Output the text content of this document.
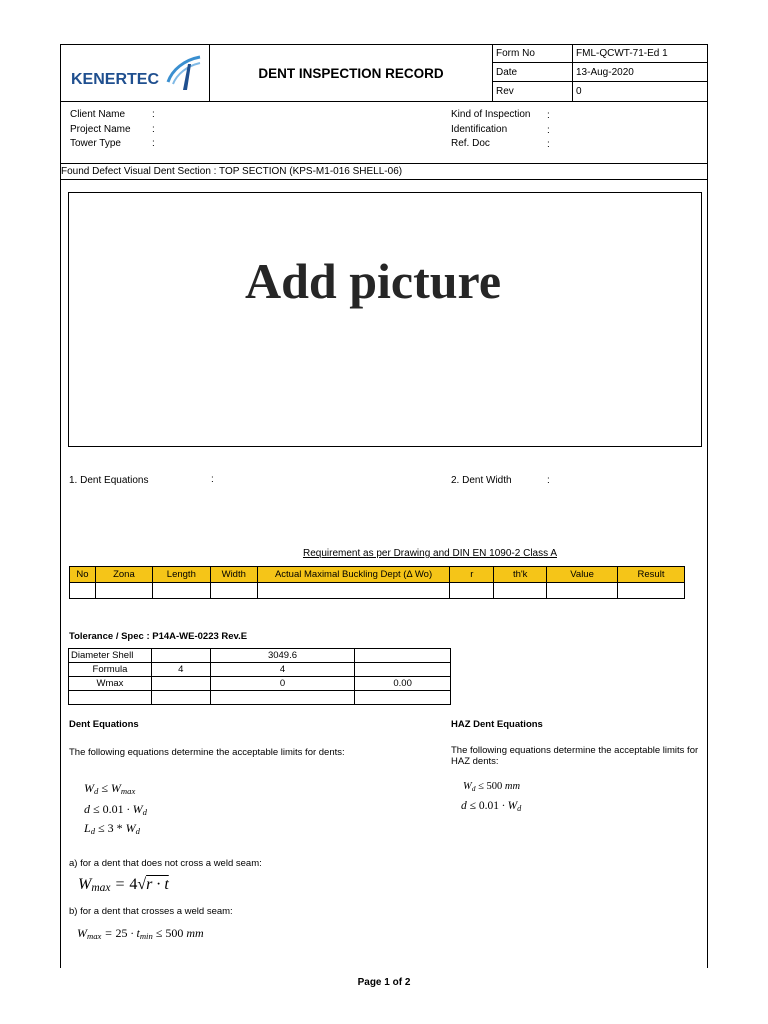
KENERTEC	DENT INSPECTION RECORD
Form No	FML-QCWT-71-Ed 1
Date	13-Aug-2020
Rev	0
Client Name	:
Project Name :
Tower Type	:
Kind of Inspection :
Identification	:
Ref. Doc	:
Found Defect Visual Dent Section : TOP SECTION (KPS-M1-016 SHELL-06)
Add picture
1. Dent Equations	:	2. Dent Width	:
Requirement as per Drawing and DIN EN 1090-2 Class A
No	Zona	Length	Width	Actual Maximal Buckling Dept (Δ Wo)	r	th'k	Value	Result

Tolerance / Spec : P14A-WE-0223 Rev.E
Diameter Shell		3049.6	
Formula	4	4	
Wmax		0	0.00

Dent Equations
The following equations determine the acceptable limits for dents:
$W_d \le W_{max}$
$d \le 0.01 \cdot W_d$
$L_d \le 3 * W_d$
a) for a dent that does not cross a weld seam:
$W_{max} = 4√r \cdot t$
b) for a dent that crosses a weld seam:
$W_{max} = 25 \cdot t_{min} \le 500$ mm
HAZ Dent Equations
The following equations determine the acceptable limits for HAZ dents:
$W_d \le 500$ mm
$d \le 0.01 \cdot W_d$
Page 1 of 2
